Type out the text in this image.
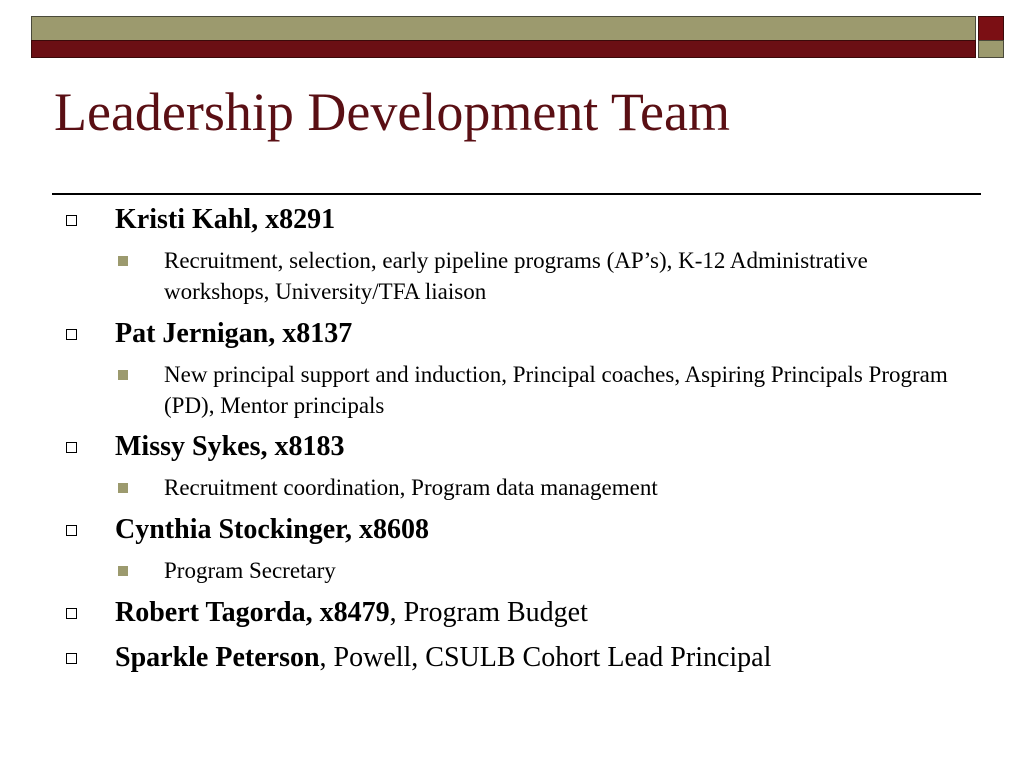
Leadership Development Team
Kristi Kahl, x8291
Recruitment, selection, early pipeline programs (AP’s), K-12 Administrative workshops, University/TFA liaison
Pat Jernigan, x8137
New principal support and induction, Principal coaches, Aspiring Principals Program (PD), Mentor principals
Missy Sykes, x8183
Recruitment coordination, Program data management
Cynthia Stockinger, x8608
Program Secretary
Robert Tagorda, x8479, Program Budget
Sparkle Peterson, Powell, CSULB Cohort Lead Principal
